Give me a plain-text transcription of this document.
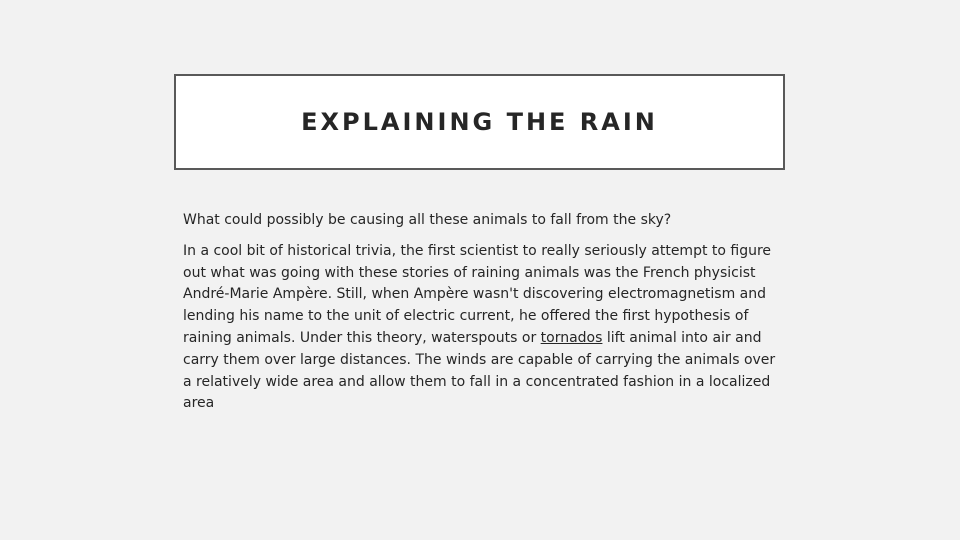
EXPLAINING THE RAIN

What could possibly be causing all these animals to fall from the sky?

In a cool bit of historical trivia, the first scientist to really seriously attempt to figure out what was going with these stories of raining animals was the French physicist André-Marie Ampère. Still, when Ampère wasn't discovering electromagnetism and lending his name to the unit of electric current, he offered the first hypothesis of raining animals. Under this theory, waterspouts or tornados lift animal into air and carry them over large distances. The winds are capable of carrying the animals over a relatively wide area and allow them to fall in a concentrated fashion in a localized area
